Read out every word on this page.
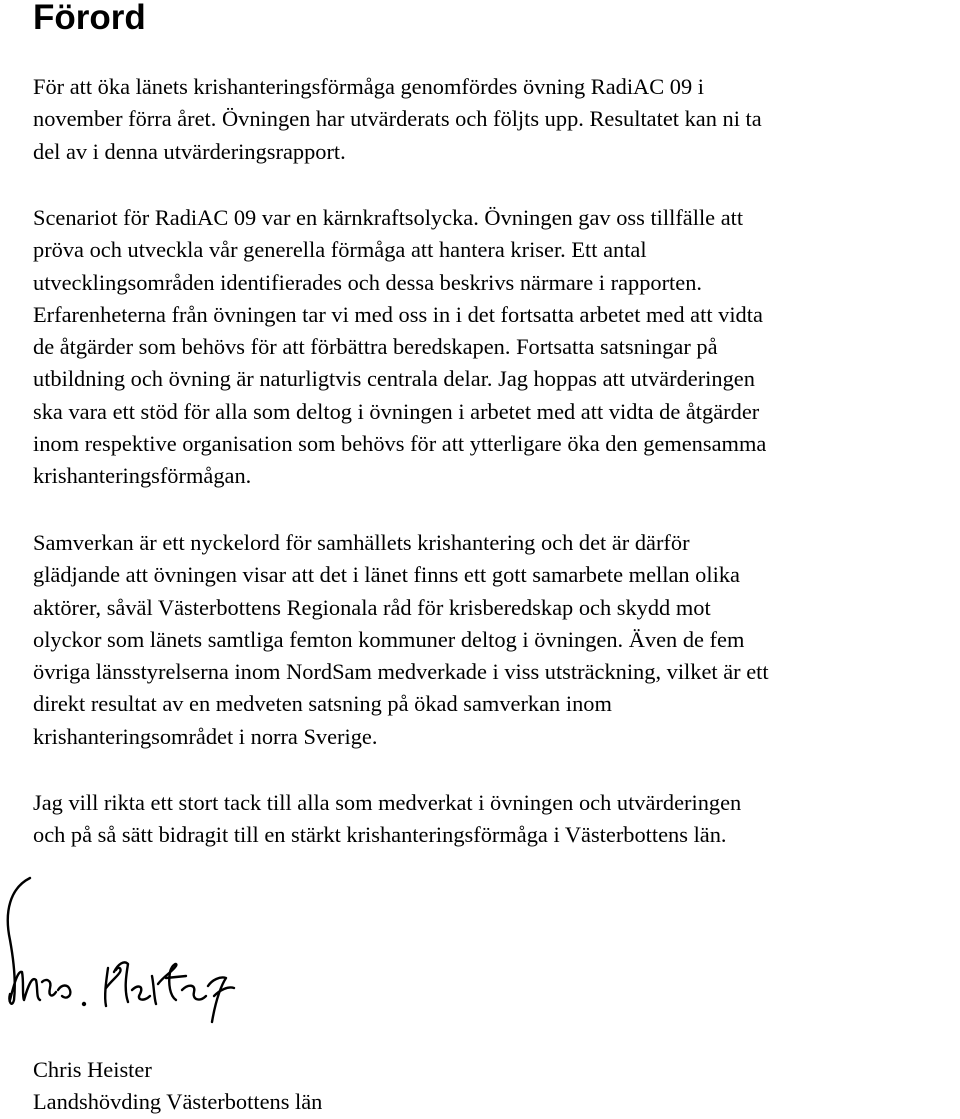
Förord

För att öka länets krishanteringsförmåga genomfördes övning RadiAC 09 i
november förra året. Övningen har utvärderats och följts upp. Resultatet kan ni ta
del av i denna utvärderingsrapport.

Scenariot för RadiAC 09 var en kärnkraftsolycka. Övningen gav oss tillfälle att
pröva och utveckla vår generella förmåga att hantera kriser. Ett antal
utvecklingsområden identifierades och dessa beskrivs närmare i rapporten.
Erfarenheterna från övningen tar vi med oss in i det fortsatta arbetet med att vidta
de åtgärder som behövs för att förbättra beredskapen. Fortsatta satsningar på
utbildning och övning är naturligtvis centrala delar. Jag hoppas att utvärderingen
ska vara ett stöd för alla som deltog i övningen i arbetet med att vidta de åtgärder
inom respektive organisation som behövs för att ytterligare öka den gemensamma
krishanteringsförmågan.

Samverkan är ett nyckelord för samhällets krishantering och det är därför
glädjande att övningen visar att det i länet finns ett gott samarbete mellan olika
aktörer, såväl Västerbottens Regionala råd för krisberedskap och skydd mot
olyckor som länets samtliga femton kommuner deltog i övningen. Även de fem
övriga länsstyrelserna inom NordSam medverkade i viss utsträckning, vilket är ett
direkt resultat av en medveten satsning på ökad samverkan inom
krishanteringsområdet i norra Sverige.

Jag vill rikta ett stort tack till alla som medverkat i övningen och utvärderingen
och på så sätt bidragit till en stärkt krishanteringsförmåga i Västerbottens län.

Chris Heister
Landshövding Västerbottens län
